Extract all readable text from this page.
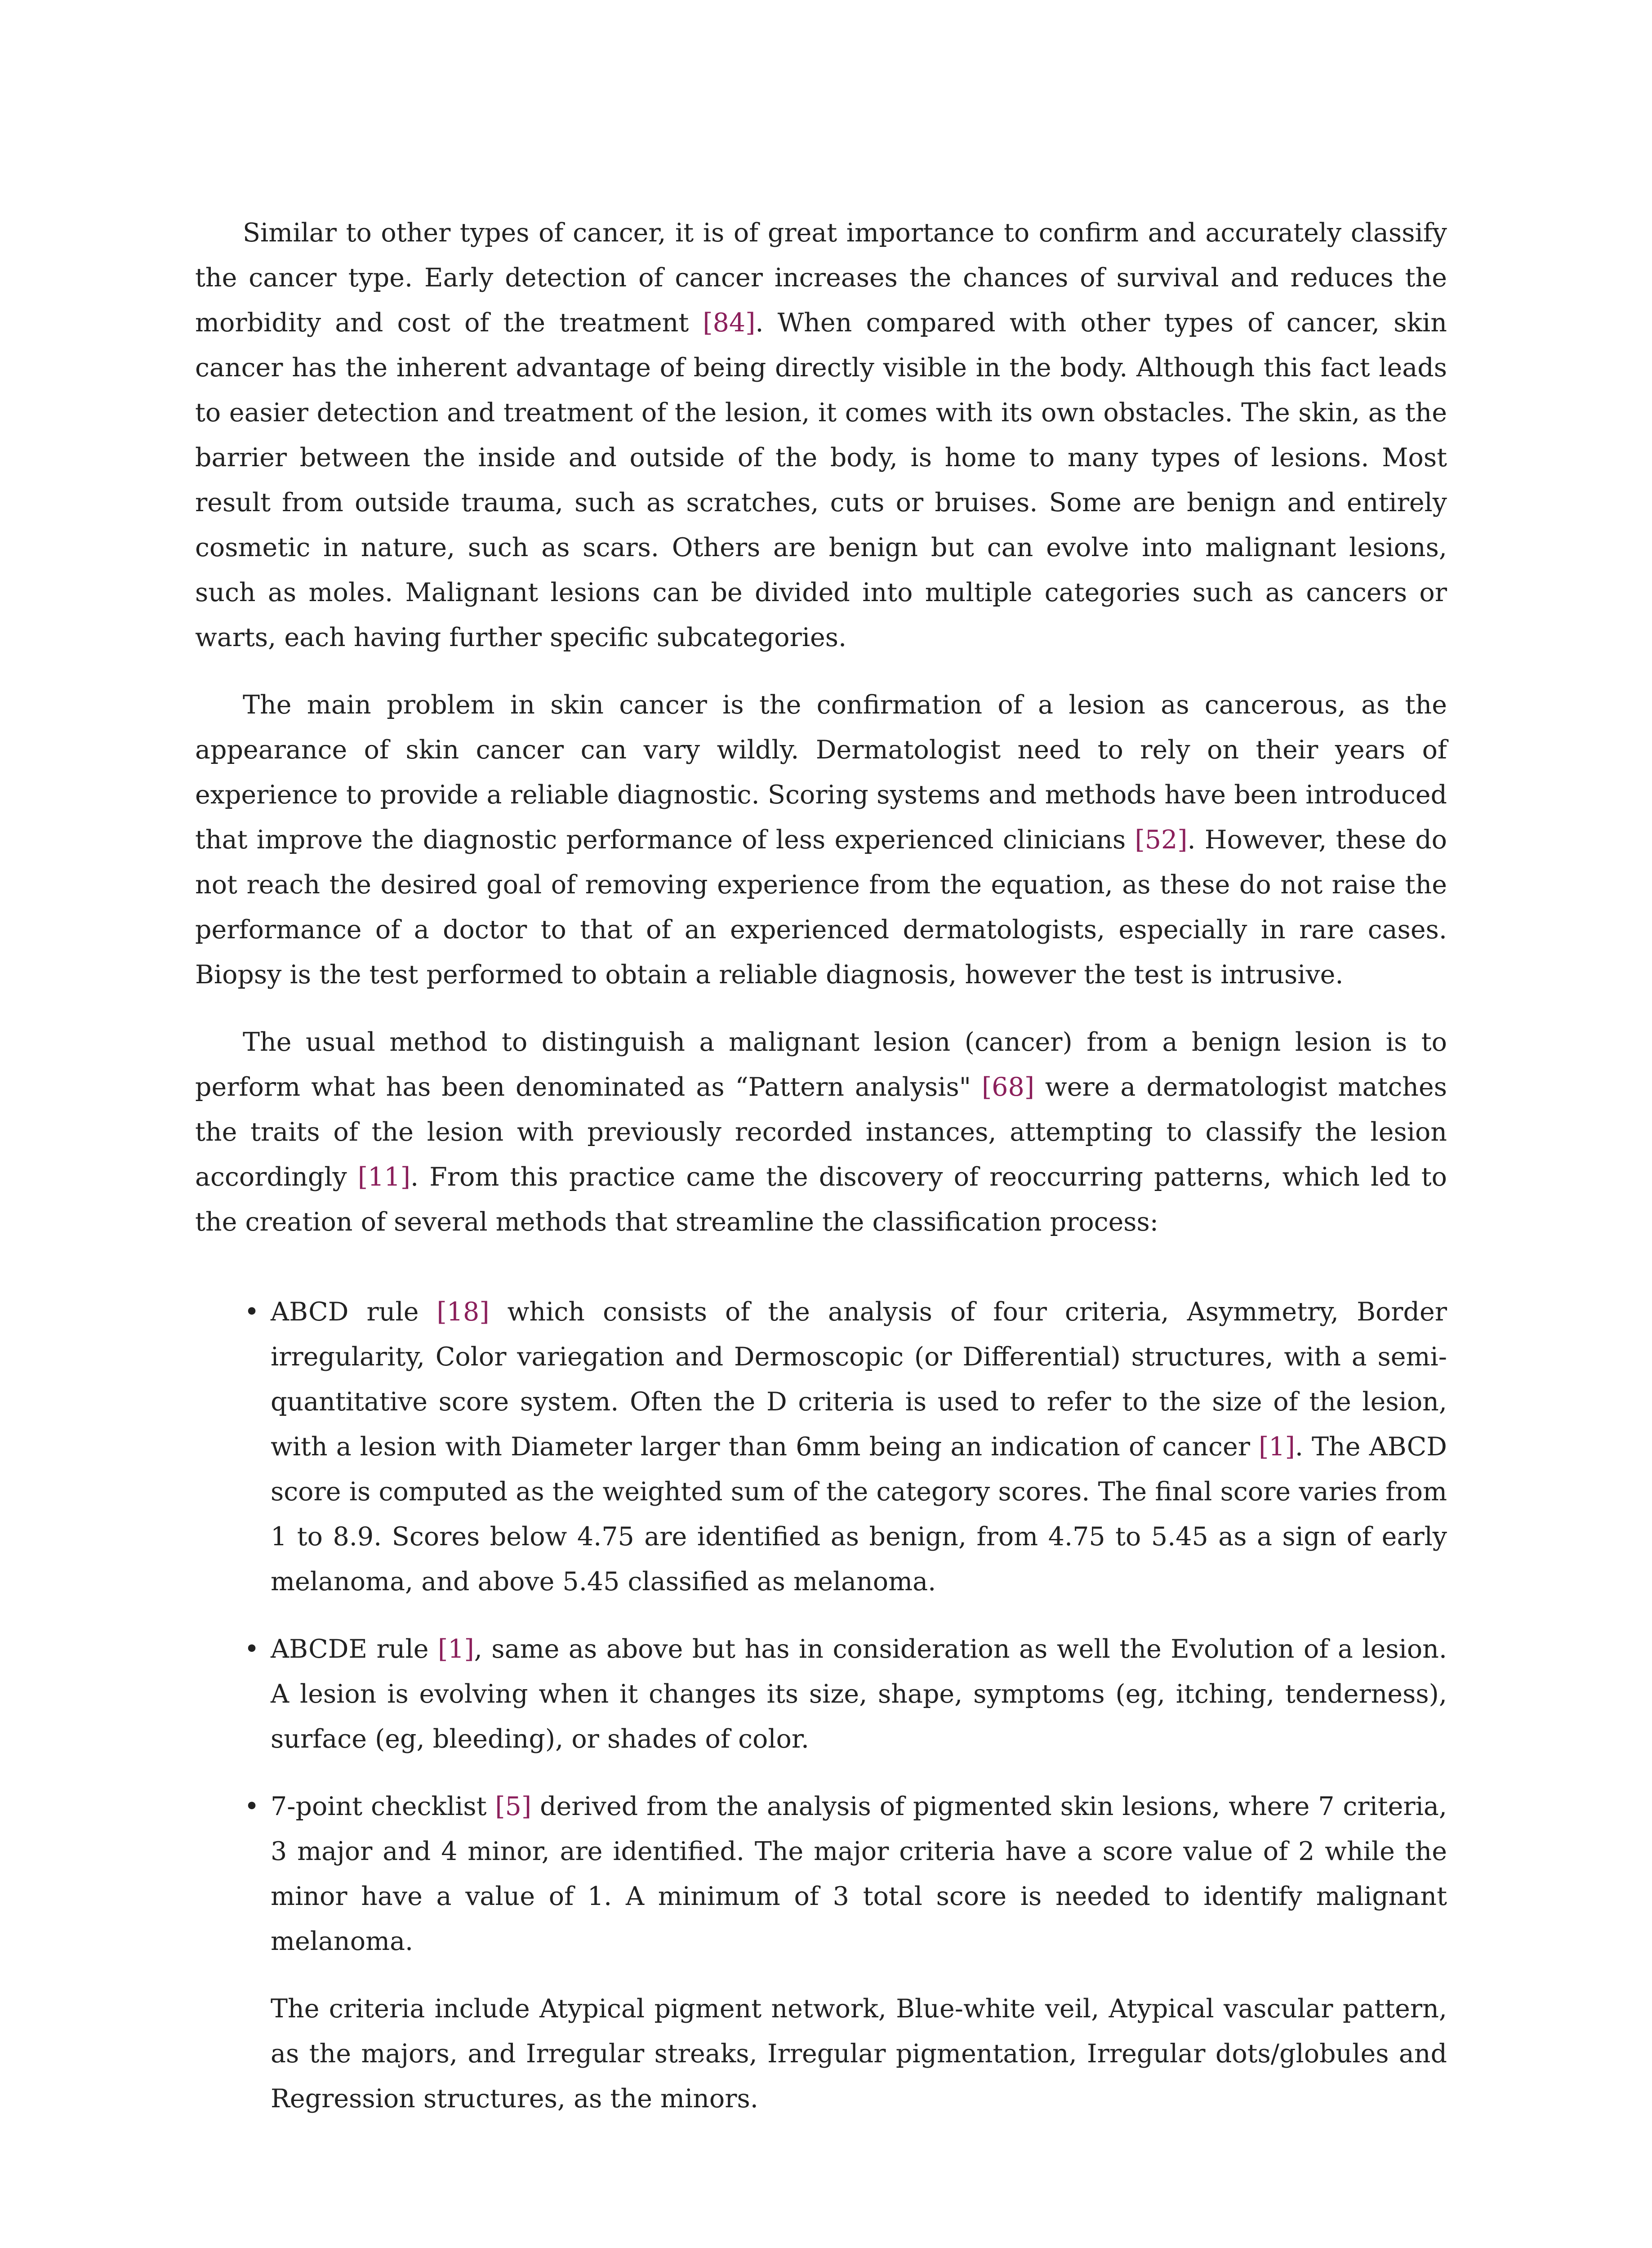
Similar to other types of cancer, it is of great importance to confirm and accurately classify the cancer type. Early detection of cancer increases the chances of survival and reduces the morbidity and cost of the treatment [84]. When compared with other types of cancer, skin cancer has the inherent advantage of being directly visible in the body. Although this fact leads to easier detection and treatment of the lesion, it comes with its own obstacles. The skin, as the barrier between the inside and outside of the body, is home to many types of lesions. Most result from outside trauma, such as scratches, cuts or bruises. Some are benign and entirely cosmetic in nature, such as scars. Others are benign but can evolve into malignant lesions, such as moles. Malignant lesions can be divided into multiple categories such as cancers or warts, each having further specific subcategories.

The main problem in skin cancer is the confirmation of a lesion as cancerous, as the appearance of skin cancer can vary wildly. Dermatologist need to rely on their years of experience to provide a reliable diagnostic. Scoring systems and methods have been introduced that improve the diagnostic performance of less experienced clinicians [52]. However, these do not reach the desired goal of removing experience from the equation, as these do not raise the performance of a doctor to that of an experienced dermatologists, especially in rare cases. Biopsy is the test performed to obtain a reliable diagnosis, however the test is intrusive.

The usual method to distinguish a malignant lesion (cancer) from a benign lesion is to perform what has been denominated as “Pattern analysis" [68] were a dermatologist matches the traits of the lesion with previously recorded instances, attempting to classify the lesion accordingly [11]. From this practice came the discovery of reoccurring patterns, which led to the creation of several methods that streamline the classification process:

• ABCD rule [18] which consists of the analysis of four criteria, Asymmetry, Border irregularity, Color variegation and Dermoscopic (or Differential) structures, with a semi-quantitative score system. Often the D criteria is used to refer to the size of the lesion, with a lesion with Diameter larger than 6mm being an indication of cancer [1]. The ABCD score is computed as the weighted sum of the category scores. The final score varies from 1 to 8.9. Scores below 4.75 are identified as benign, from 4.75 to 5.45 as a sign of early melanoma, and above 5.45 classified as melanoma.
• ABCDE rule [1], same as above but has in consideration as well the Evolution of a lesion. A lesion is evolving when it changes its size, shape, symptoms (eg, itching, tenderness), surface (eg, bleeding), or shades of color.
• 7-point checklist [5] derived from the analysis of pigmented skin lesions, where 7 criteria, 3 major and 4 minor, are identified. The major criteria have a score value of 2 while the minor have a value of 1. A minimum of 3 total score is needed to identify malignant melanoma.
The criteria include Atypical pigment network, Blue-white veil, Atypical vascular pattern, as the majors, and Irregular streaks, Irregular pigmentation, Irregular dots/globules and Regression structures, as the minors.
